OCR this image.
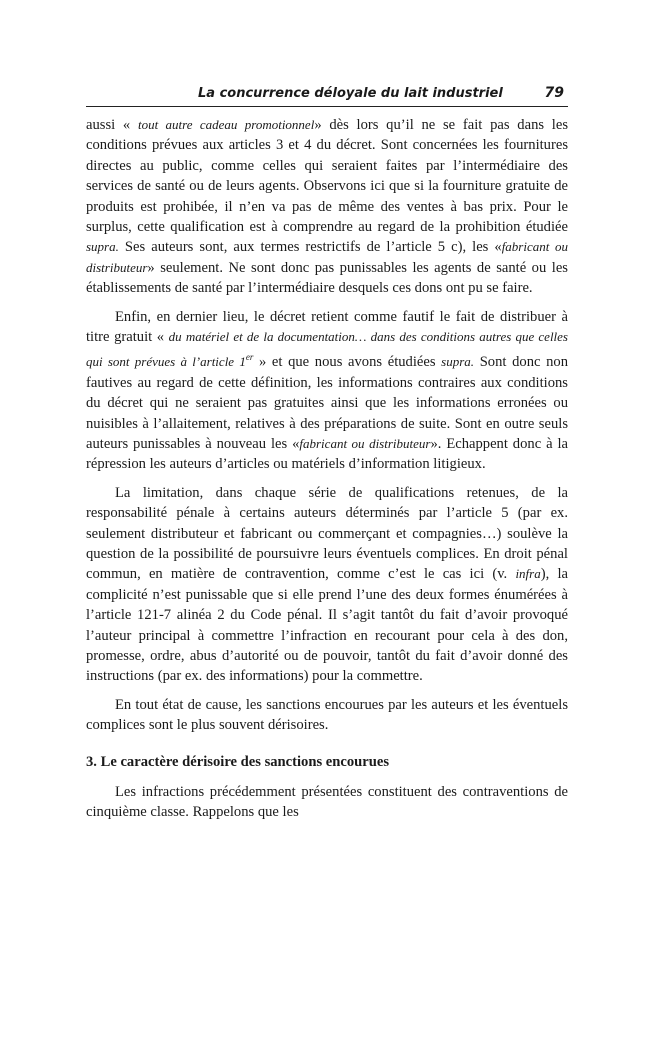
La concurrence déloyale du lait industriel	79

aussi « tout autre cadeau promotionnel» dès lors qu’il ne se fait pas dans les conditions prévues aux articles 3 et 4 du décret. Sont concernées les fournitures directes au public, comme celles qui seraient faites par l’intermédiaire des services de santé ou de leurs agents. Observons ici que si la fourniture gratuite de produits est prohibée, il n’en va pas de même des ventes à bas prix. Pour le surplus, cette qualification est à comprendre au regard de la prohibition étudiée supra. Ses auteurs sont, aux termes restrictifs de l’article 5 c), les «fabricant ou distributeur» seulement. Ne sont donc pas punissables les agents de santé ou les établissements de santé par l’intermédiaire desquels ces dons ont pu se faire.

Enfin, en dernier lieu, le décret retient comme fautif le fait de distribuer à titre gratuit « du matériel et de la documentation… dans des conditions autres que celles qui sont prévues à l’article 1er » et que nous avons étudiées supra. Sont donc non fautives au regard de cette définition, les informations contraires aux conditions du décret qui ne seraient pas gratuites ainsi que les informations erronées ou nuisibles à l’allaitement, relatives à des préparations de suite. Sont en outre seuls auteurs punissables à nouveau les «fabricant ou distributeur». Echappent donc à la répression les auteurs d’articles ou matériels d’information litigieux.

La limitation, dans chaque série de qualifications retenues, de la responsabilité pénale à certains auteurs déterminés par l’article 5 (par ex. seulement distributeur et fabricant ou commerçant et compagnies…) soulève la question de la possibilité de poursuivre leurs éventuels complices. En droit pénal commun, en matière de contravention, comme c’est le cas ici (v. infra), la complicité n’est punissable que si elle prend l’une des deux formes énumérées à l’article 121-7 alinéa 2 du Code pénal. Il s’agit tantôt du fait d’avoir provoqué l’auteur principal à commettre l’infraction en recourant pour cela à des don, promesse, ordre, abus d’autorité ou de pouvoir, tantôt du fait d’avoir donné des instructions (par ex. des informations) pour la commettre.

En tout état de cause, les sanctions encourues par les auteurs et les éventuels complices sont le plus souvent dérisoires.

3. Le caractère dérisoire des sanctions encourues

Les infractions précédemment présentées constituent des contraventions de cinquième classe. Rappelons que les
